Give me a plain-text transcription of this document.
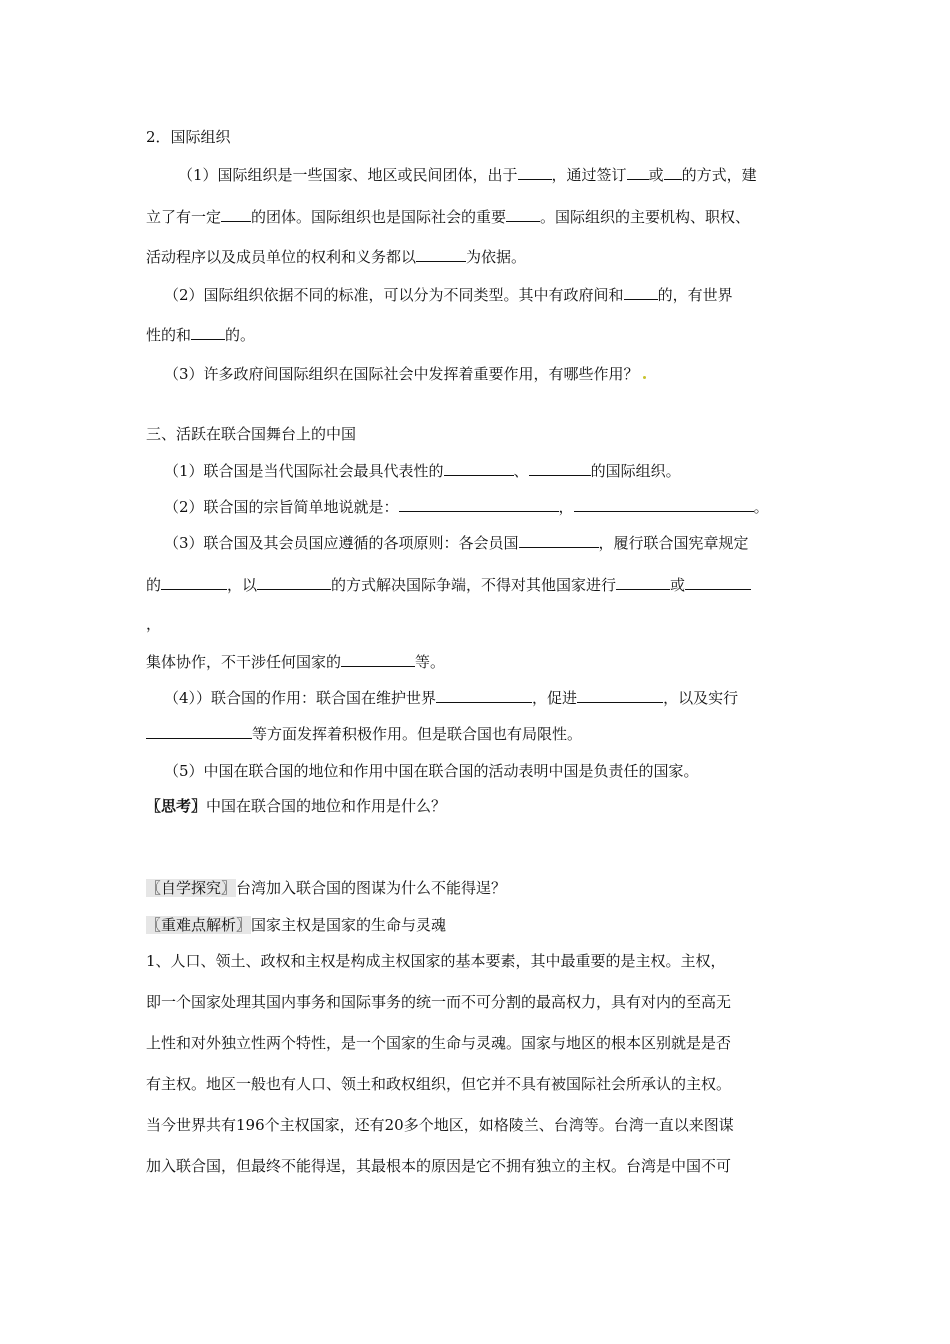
2．国际组织
（1）国际组织是一些国家、地区或民间团体，出于 ，通过签订 或 的方式，建
立了有一定 的团体。国际组织也是国际社会的重要 。国际组织的主要机构、职权、
活动程序以及成员单位的权利和义务都以	为依据。
（2）国际组织依据不同的标准，可以分为不同类型。其中有政府间和 的，有世界
性的和 的。
（3）许多政府间国际组织在国际社会中发挥着重要作用，有哪些作用？
三、活跃在联合国舞台上的中国
（1）联合国是当代国际社会最具代表性的	、	的国际组织。
（2）联合国的宗旨简单地说就是：	，	。
（3）联合国及其会员国应遵循的各项原则：各会员国	，履行联合国宪章规定
的	，以	的方式解决国际争端，不得对其他国家进行	或
，
集体协作，不干涉任何国家的	等。
（4））联合国的作用：联合国在维护世界	，促进	，以及实行
等方面发挥着积极作用。但是联合国也有局限性。
（5）中国在联合国的地位和作用中国在联合国的活动表明中国是负责任的国家。
〖思考〗中国在联合国的地位和作用是什么？
〖自学探究〗台湾加入联合国的图谋为什么不能得逞？
〖重难点解析〗国家主权是国家的生命与灵魂
1、人口、领土、政权和主权是构成主权国家的基本要素，其中最重要的是主权。主权，
即一个国家处理其国内事务和国际事务的统一而不可分割的最高权力，具有对内的至高无
上性和对外独立性两个特性，是一个国家的生命与灵魂。国家与地区的根本区别就是是否
有主权。地区一般也有人口、领土和政权组织，但它并不具有被国际社会所承认的主权。
当今世界共有196个主权国家，还有20多个地区，如格陵兰、台湾等。台湾一直以来图谋
加入联合国，但最终不能得逞，其最根本的原因是它不拥有独立的主权。台湾是中国不可
